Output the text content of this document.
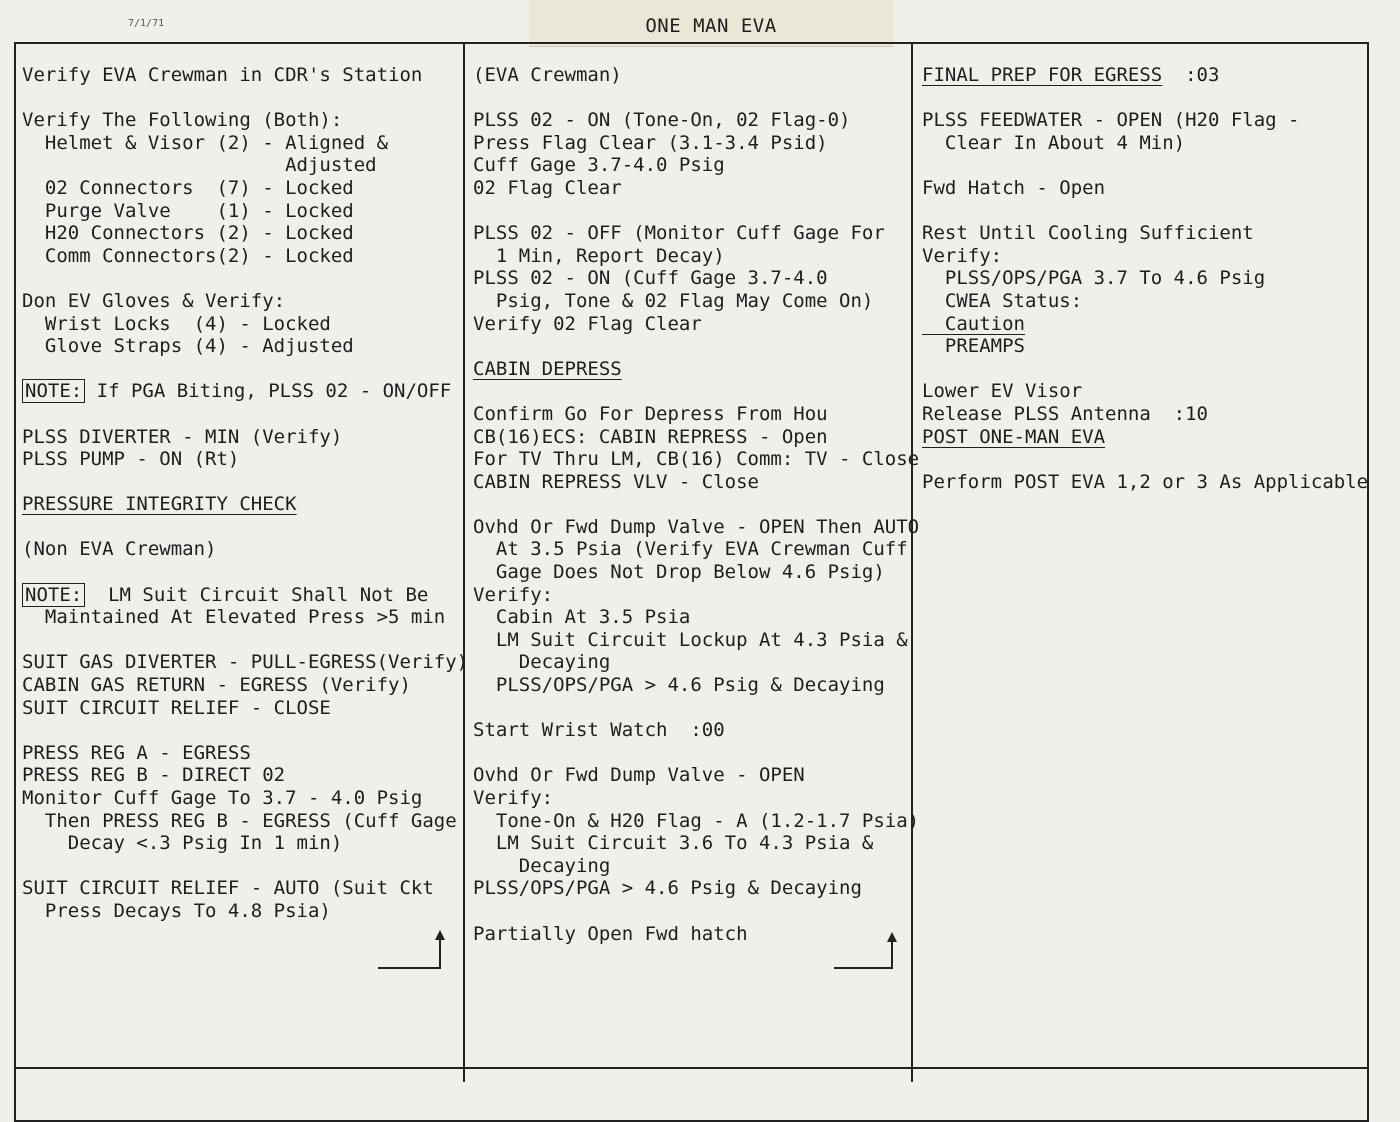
7/1/71	ONE MAN EVA
Verify EVA Crewman in CDR's Station
Verify The Following (Both):
Helmet & Visor (2) - Aligned &
Adjusted
02 Connectors  (7) - Locked
Purge Valve    (1) - Locked
H20 Connectors (2) - Locked
Comm Connectors(2) - Locked
Don EV Gloves & Verify:
Wrist Locks  (4) - Locked
Glove Straps (4) - Adjusted
NOTE: If PGA Biting, PLSS 02 - ON/OFF
PLSS DIVERTER - MIN (Verify)
PLSS PUMP - ON (Rt)
PRESSURE INTEGRITY CHECK
(Non EVA Crewman)
NOTE:  LM Suit Circuit Shall Not Be
Maintained At Elevated Press >5 min
SUIT GAS DIVERTER - PULL-EGRESS(Verify)
CABIN GAS RETURN - EGRESS (Verify)
SUIT CIRCUIT RELIEF - CLOSE
PRESS REG A - EGRESS
PRESS REG B - DIRECT 02
Monitor Cuff Gage To 3.7 - 4.0 Psig
Then PRESS REG B - EGRESS (Cuff Gage
Decay <.3 Psig In 1 min)
SUIT CIRCUIT RELIEF - AUTO (Suit Ckt
Press Decays To 4.8 Psia)
(EVA Crewman)
PLSS 02 - ON (Tone-On, 02 Flag-0)
Press Flag Clear (3.1-3.4 Psid)
Cuff Gage 3.7-4.0 Psig
02 Flag Clear
PLSS 02 - OFF (Monitor Cuff Gage For
1 Min, Report Decay)
PLSS 02 - ON (Cuff Gage 3.7-4.0
Psig, Tone & 02 Flag May Come On)
Verify 02 Flag Clear
CABIN DEPRESS
Confirm Go For Depress From Hou
CB(16)ECS: CABIN REPRESS - Open
For TV Thru LM, CB(16) Comm: TV - Close
CABIN REPRESS VLV - Close
Ovhd Or Fwd Dump Valve - OPEN Then AUTO
At 3.5 Psia (Verify EVA Crewman Cuff
Gage Does Not Drop Below 4.6 Psig)
Verify:
Cabin At 3.5 Psia
LM Suit Circuit Lockup At 4.3 Psia &
Decaying
PLSS/OPS/PGA > 4.6 Psig & Decaying
Start Wrist Watch  :00
Ovhd Or Fwd Dump Valve - OPEN
Verify:
Tone-On & H20 Flag - A (1.2-1.7 Psia)
LM Suit Circuit 3.6 To 4.3 Psia &
Decaying
PLSS/OPS/PGA > 4.6 Psig & Decaying
Partially Open Fwd hatch
FINAL PREP FOR EGRESS  :03
PLSS FEEDWATER - OPEN (H20 Flag -
Clear In About 4 Min)
Fwd Hatch - Open
Rest Until Cooling Sufficient
Verify:
PLSS/OPS/PGA 3.7 To 4.6 Psig
CWEA Status:
Caution
PREAMPS
Lower EV Visor
Release PLSS Antenna  :10
POST ONE-MAN EVA
Perform POST EVA 1,2 or 3 As Applicable
